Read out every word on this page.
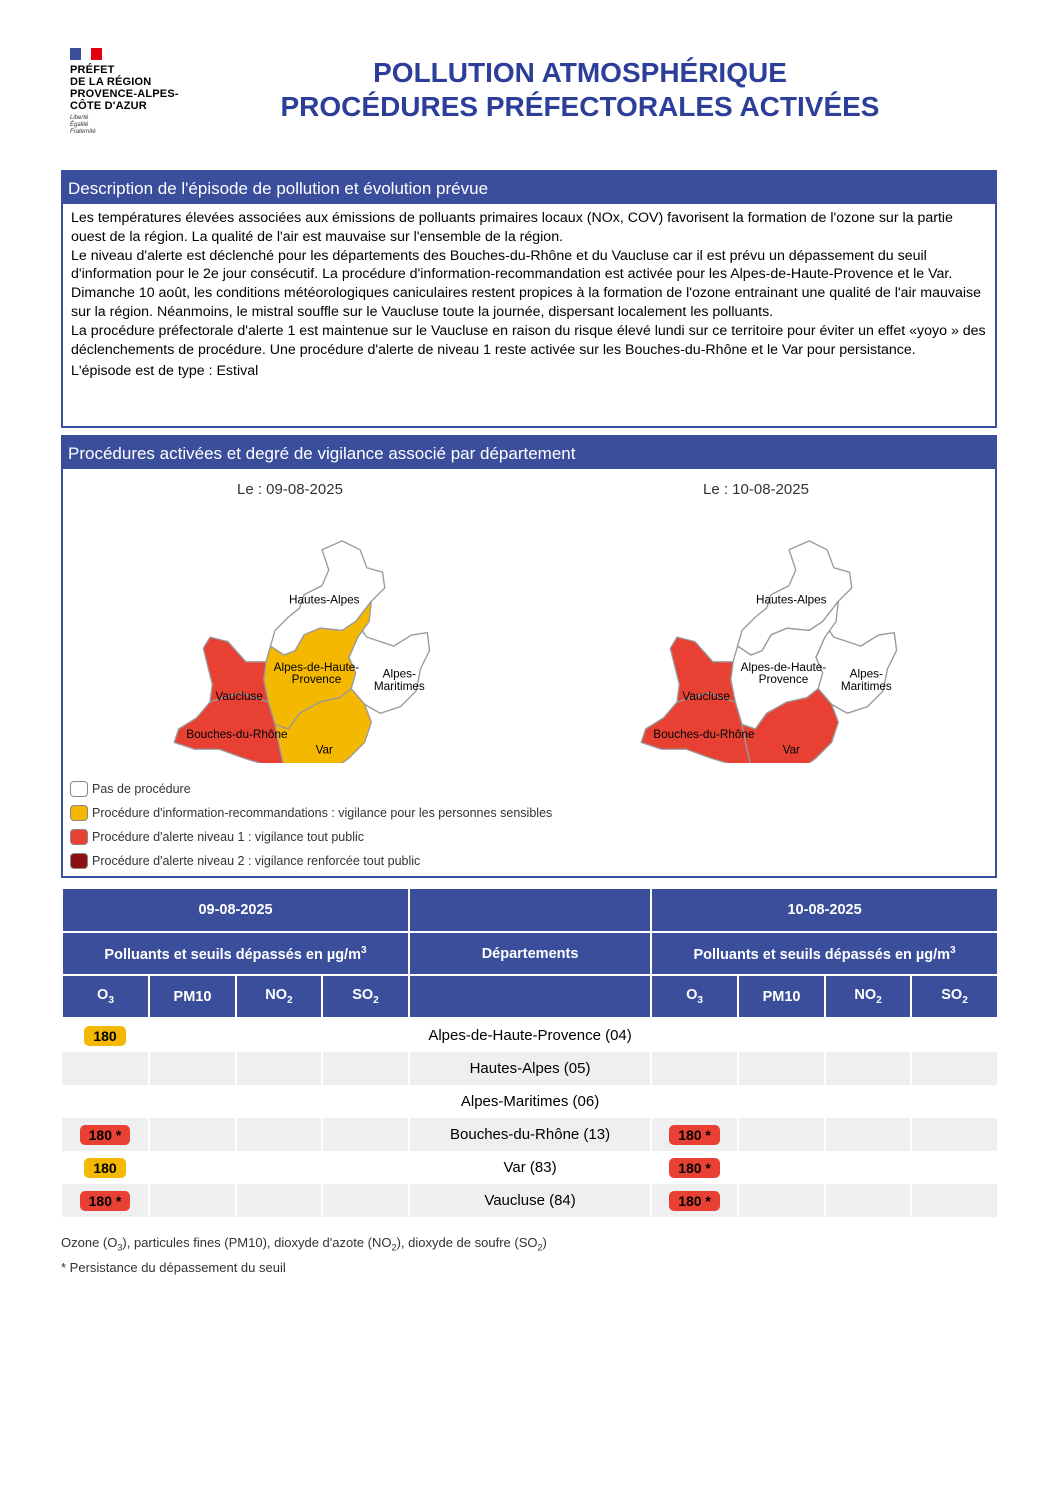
PRÉFET
DE LA RÉGION
PROVENCE-ALPES-
CÔTE D'AZUR
Liberté
Égalité
Fraternité
POLLUTION ATMOSPHÉRIQUE
PROCÉDURES PRÉFECTORALES ACTIVÉES
Description de l'épisode de pollution et évolution prévue

Les températures élevées associées aux émissions de polluants primaires locaux (NOx, COV) favorisent la formation de l'ozone sur la partie ouest de la région. La qualité de l'air est mauvaise sur l'ensemble de la région.

Le niveau d'alerte est déclenché pour les départements des Bouches-du-Rhône et du Vaucluse car il est prévu un dépassement du seuil d'information pour le 2e jour consécutif. La procédure d'information-recommandation est activée pour les Alpes-de-Haute-Provence et le Var.

Dimanche 10 août, les conditions météorologiques caniculaires restent propices à la formation de l'ozone entrainant une qualité de l'air mauvaise sur la région. Néanmoins, le mistral souffle sur le Vaucluse toute la journée, dispersant localement les polluants.

La procédure préfectorale d'alerte 1 est maintenue sur le Vaucluse en raison du risque élevé lundi sur ce territoire pour éviter un effet «yoyo » des déclenchements de procédure. Une procédure d'alerte de niveau 1 reste activée sur les Bouches-du-Rhône et le Var pour persistance.

L'épisode est de type : Estival

Procédures activées et degré de vigilance associé par département
Le : 09-08-2025	Le : 10-08-2025
Hautes-Alpes
Alpes-de-Haute-Provence	Alpes-Maritimes
Vaucluse
Bouches-du-Rhône
Var
Hautes-Alpes
Alpes-de-Haute-Provence	Alpes-Maritimes
Vaucluse
Bouches-du-Rhône
Var
Pas de procédure
Procédure d'information-recommandations : vigilance pour les personnes sensibles
Procédure d'alerte niveau 1 : vigilance tout public
Procédure d'alerte niveau 2 : vigilance renforcée tout public
09-08-2025					10-08-2025			
Polluants et seuils dépassés en $\mu g/m^3$				Départements	Polluants et seuils dépassés en $\mu g/m^3$
$O_3$	PM10	$NO_2$	$SO_2$		$O_3$	PM10	$NO_2$	$SO_2$
180				Alpes-de-Haute-Provence (04)				
				Hautes-Alpes (05)				
				Alpes-Maritimes (06)				
180 *				Bouches-du-Rhône (13)	180 *			
180				Var (83)	180 *			
180 *				Vaucluse (84)	180 *			

Ozone $(O_3)$, particules fines (PM10), dioxyde d'azote $(NO_2)$, dioxyde de soufre $(SO_2)$

* Persistance du dépassement du seuil
